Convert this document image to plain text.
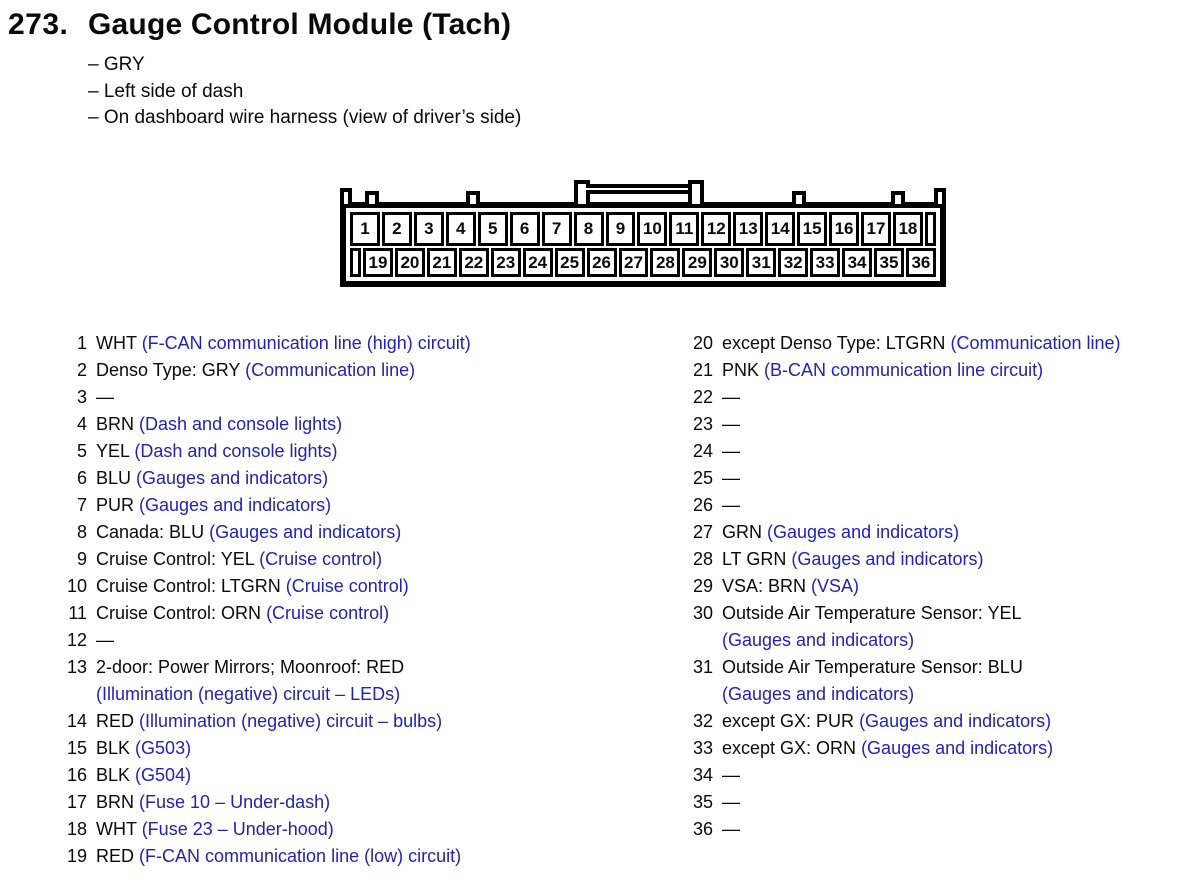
273. Gauge Control Module (Tach)
– GRY
– Left side of dash
– On dashboard wire harness (view of driver’s side)
1	2	3	4	5	6	7	8	9	10 11 12 13 14 15 16 17 18
19 20 21 22 23 24 25 26 27 28 29 30 31 32 33 34 35 36
1 WHT (F-CAN communication line (high) circuit)
2 Denso Type: GRY (Communication line)
3 —
4 BRN (Dash and console lights)
5 YEL (Dash and console lights)
6 BLU (Gauges and indicators)
7 PUR (Gauges and indicators)
8 Canada: BLU (Gauges and indicators)
9 Cruise Control: YEL (Cruise control)
10 Cruise Control: LTGRN (Cruise control)
11 Cruise Control: ORN (Cruise control)
12 —
13 2-door: Power Mirrors; Moonroof: RED
(Illumination (negative) circuit – LEDs)
14 RED (Illumination (negative) circuit – bulbs)
15 BLK (G503)
16 BLK (G504)
17 BRN (Fuse 10 – Under-dash)
18 WHT (Fuse 23 – Under-hood)
19 RED (F-CAN communication line (low) circuit)
20 except Denso Type: LTGRN (Communication line)
21 PNK (B-CAN communication line circuit)
22 —
23 —
24 —
25 —
26 —
27 GRN (Gauges and indicators)
28 LT GRN (Gauges and indicators)
29 VSA: BRN (VSA)
30 Outside Air Temperature Sensor: YEL
(Gauges and indicators)
31 Outside Air Temperature Sensor: BLU
(Gauges and indicators)
32 except GX: PUR (Gauges and indicators)
33 except GX: ORN (Gauges and indicators)
34 —
35 —
36 —
